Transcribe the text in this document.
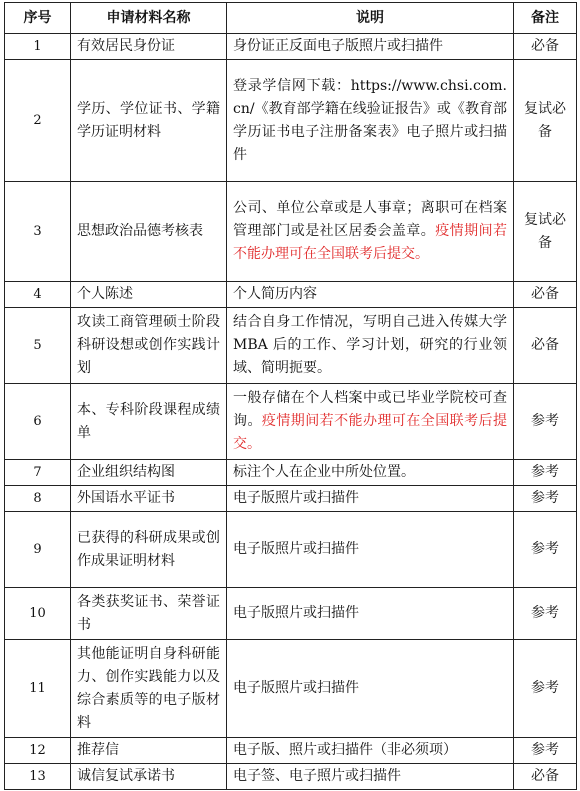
序号	申请材料名称	说明	备注
1	有效居民身份证	身份证正反面电子版照片或扫描件	必备
2	学历、学位证书、学籍学历证明材料	登录学信网下载：https://www.chsi.com.cn/《教育部学籍在线验证报告》或《教育部学历证书电子注册备案表》电子照片或扫描件	复试必备
3	思想政治品德考核表	公司、单位公章或是人事章；离职可在档案管理部门或是社区居委会盖章。疫情期间若不能办理可在全国联考后提交。	复试必备
4	个人陈述	个人简历内容	必备
5	攻读工商管理硕士阶段科研设想或创作实践计划	结合自身工作情况，写明自己进入传媒大学 MBA 后的工作、学习计划，研究的行业领域、简明扼要。	必备
6	本、专科阶段课程成绩单	一般存储在个人档案中或已毕业学院校可查询。疫情期间若不能办理可在全国联考后提交。	参考
7	企业组织结构图	标注个人在企业中所处位置。	参考
8	外国语水平证书	电子版照片或扫描件	参考
9	已获得的科研成果或创作成果证明材料	电子版照片或扫描件	参考
10	各类获奖证书、荣誉证书	电子版照片或扫描件	参考
11	其他能证明自身科研能力、创作实践能力以及综合素质等的电子版材料	电子版照片或扫描件	参考
12	推荐信	电子版、照片或扫描件（非必须项）	参考
13	诚信复试承诺书	电子签、电子照片或扫描件	必备
